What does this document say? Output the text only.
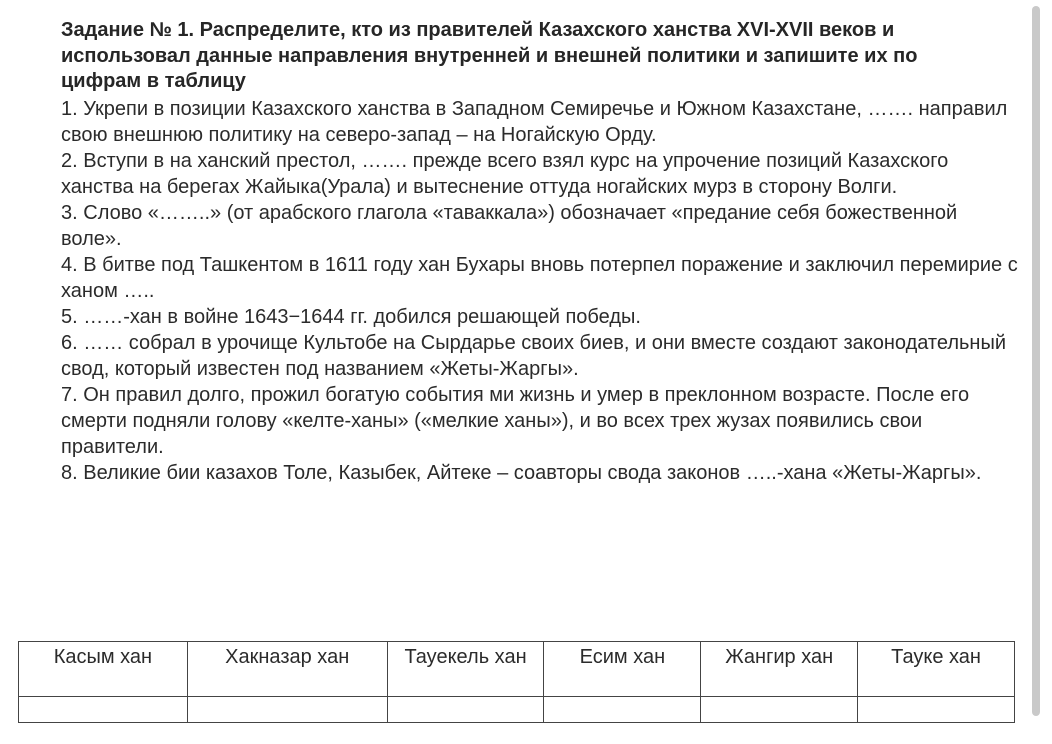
Задание № 1. Распределите, кто из правителей Казахского ханства XVI-XVII веков и использовал данные направления внутренней и внешней политики и запишите их по цифрам в таблицу

1. Укрепи в позиции Казахского ханства в Западном Семиречье и Южном Казахстане, ……. направил свою внешнюю политику на северо-запад – на Ногайскую Орду.
2. Вступи в на ханский престол, ……. прежде всего взял курс на упрочение позиций Казахского ханства на берегах Жайыка(Урала) и вытеснение оттуда ногайских мурз в сторону Волги.
3. Слово «……..» (от арабского глагола «таваккала») обозначает «предание себя божественной воле».
4. В битве под Ташкентом в 1611 году хан Бухары вновь потерпел поражение и заключил перемирие с ханом …..
5. ……-хан в войне 1643−1644 гг. добился решающей победы.
6. …… собрал в урочище Культобе на Сырдарье своих биев, и они вместе создают законодательный свод, который известен под названием «Жеты-Жаргы».
7. Он правил долго, прожил богатую события ми жизнь и умер в преклонном возрасте. После его смерти подняли голову «келте-ханы» («мелкие ханы»), и во всех трех жузах появились свои правители.
8. Великие бии казахов Толе, Казыбек, Айтеке – соавторы свода законов …..-хана «Жеты-Жаргы».
Касым хан	Хакназар хан	Тауекель хан	Есим хан	Жангир хан	Тауке хан
